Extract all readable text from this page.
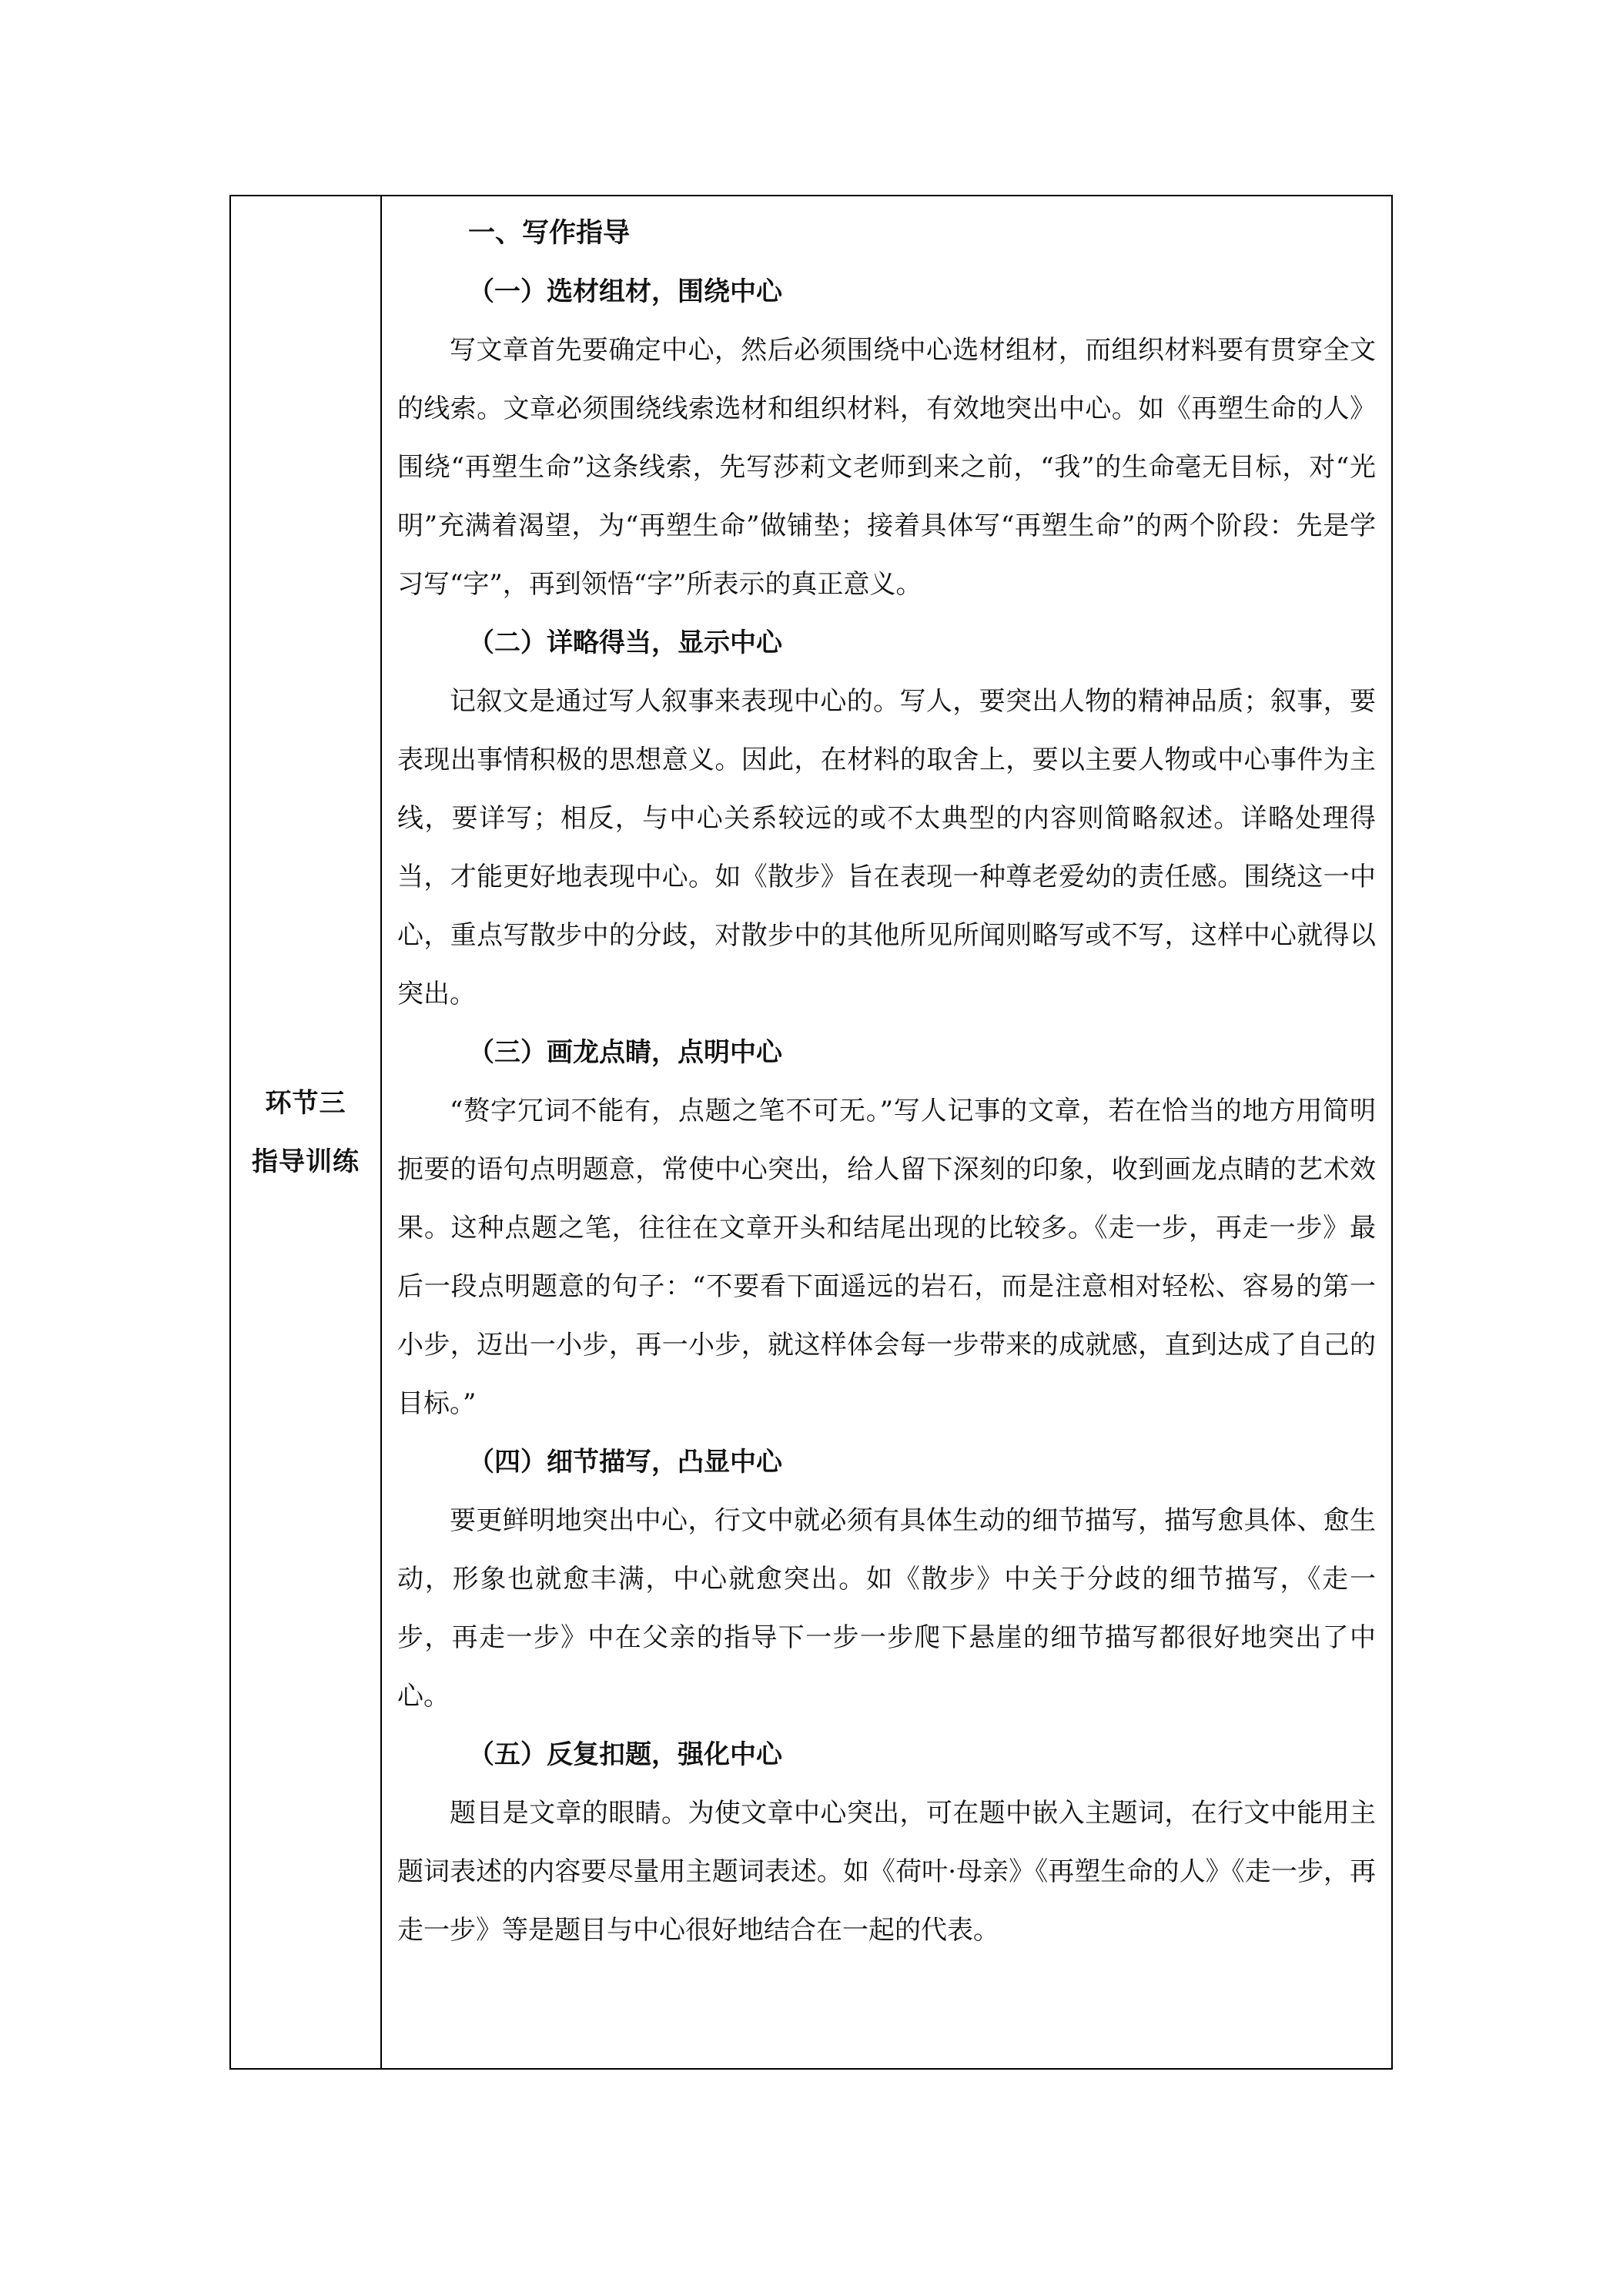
环节三
指导训练
一、写作指导
（一）选材组材，围绕中心

写文章首先要确定中心，然后必须围绕中心选材组材，而组织材料要有贯穿全文的线索。文章必须围绕线索选材和组织材料，有效地突出中心。如《再塑生命的人》围绕“再塑生命”这条线索，先写莎莉文老师到来之前，“我”的生命毫无目标，对“光明”充满着渴望，为“再塑生命”做铺垫；接着具体写“再塑生命”的两个阶段：先是学习写“字”，再到领悟“字”所表示的真正意义。

（二）详略得当，显示中心

记叙文是通过写人叙事来表现中心的。写人，要突出人物的精神品质；叙事，要表现出事情积极的思想意义。因此，在材料的取舍上，要以主要人物或中心事件为主线，要详写；相反，与中心关系较远的或不太典型的内容则简略叙述。详略处理得当，才能更好地表现中心。如《散步》旨在表现一种尊老爱幼的责任感。围绕这一中心，重点写散步中的分歧，对散步中的其他所见所闻则略写或不写，这样中心就得以突出。

（三）画龙点睛，点明中心

“赘字冗词不能有，点题之笔不可无。”写人记事的文章，若在恰当的地方用简明扼要的语句点明题意，常使中心突出，给人留下深刻的印象，收到画龙点睛的艺术效果。这种点题之笔，往往在文章开头和结尾出现的比较多。《走一步，再走一步》最后一段点明题意的句子：“不要看下面遥远的岩石，而是注意相对轻松、容易的第一小步，迈出一小步，再一小步，就这样体会每一步带来的成就感，直到达成了自己的目标。”

（四）细节描写，凸显中心

要更鲜明地突出中心，行文中就必须有具体生动的细节描写，描写愈具体、愈生动，形象也就愈丰满，中心就愈突出。如《散步》中关于分歧的细节描写，《走一步，再走一步》中在父亲的指导下一步一步爬下悬崖的细节描写都很好地突出了中心。

（五）反复扣题，强化中心

题目是文章的眼睛。为使文章中心突出，可在题中嵌入主题词，在行文中能用主题词表述的内容要尽量用主题词表述。如《荷叶·母亲》《再塑生命的人》《走一步，再走一步》等是题目与中心很好地结合在一起的代表。
